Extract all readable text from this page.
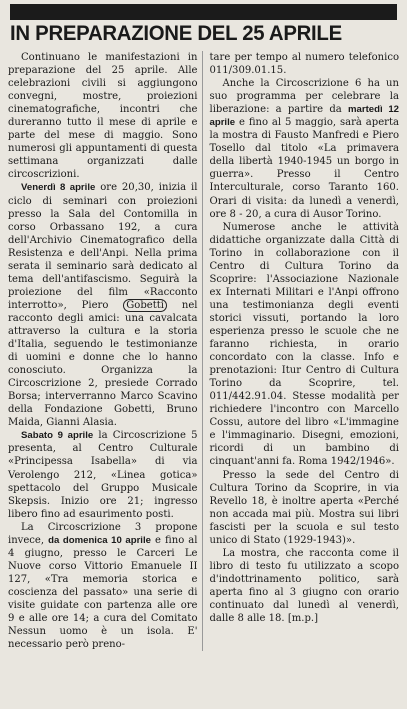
IN PREPARAZIONE DEL 25 APRILE

Continuano le manifestazioni in preparazione del 25 aprile. Alle celebrazioni civili si aggiungono convegni, mostre, proiezioni cinematografiche, incontri che dureranno tutto il mese di aprile e parte del mese di maggio. Sono numerosi gli appuntamenti di questa settimana organizzati dalle circoscrizioni.

Venerdì 8 aprile ore 20,30, inizia il ciclo di seminari con proiezioni presso la Sala del Contomilla in corso Orbassano 192, a cura dell'Archivio Cinematografico della Resistenza e dell'Anpi. Nella prima serata il seminario sarà dedicato al tema dell'antifascismo. Seguirà la proiezione del film «Racconto interrotto», Piero Gobetti nel racconto degli amici: una cavalcata attraverso la cultura e la storia d'Italia, seguendo le testimonianze di uomini e donne che lo hanno conosciuto. Organizza la Circoscrizione 2, presiede Corrado Borsa; interverranno Marco Scavino della Fondazione Gobetti, Bruno Maida, Gianni Alasia.

Sabato 9 aprile la Circoscrizione 5 presenta, al Centro Culturale «Principessa Isabella» di via Verolengo 212, «Linea gotica» spettacolo del Gruppo Musicale Skepsis. Inizio ore 21; ingresso libero fino ad esaurimento posti.

La Circoscrizione 3 propone invece, da domenica 10 aprile e fino al 4 giugno, presso le Carceri Le Nuove corso Vittorio Emanuele II 127, «Tra memoria storica e coscienza del passato» una serie di visite guidate con partenza alle ore 9 e alle ore 14; a cura del Comitato Nessun uomo è un isola. E' necessario però preno-

tare per tempo al numero telefonico 011/309.01.15.

Anche la Circoscrizione 6 ha un suo programma per celebrare la liberazione: a partire da martedì 12 aprile e fino al 5 maggio, sarà aperta la mostra di Fausto Manfredi e Piero Tosello dal titolo «La primavera della libertà 1940-1945 un borgo in guerra». Presso il Centro Interculturale, corso Taranto 160. Orari di visita: da lunedì a venerdì, ore 8 - 20, a cura di Ausor Torino.

Numerose anche le attività didattiche organizzate dalla Città di Torino in collaborazione con il Centro di Cultura Torino da Scoprire: l'Associazione Nazionale ex Internati Militari e l'Anpi offrono una testimonianza degli eventi storici vissuti, portando la loro esperienza presso le scuole che ne faranno richiesta, in orario concordato con la classe. Info e prenotazioni: Itur Centro di Cultura Torino da Scoprire, tel. 011/442.91.04. Stesse modalità per richiedere l'incontro con Marcello Cossu, autore del libro «L'immagine e l'immaginario. Disegni, emozioni, ricordi di un bambino di cinquant'anni fa. Roma 1942/1946».

Presso la sede del Centro di Cultura Torino da Scoprire, in via Revello 18, è inoltre aperta «Perché non accada mai più. Mostra sui libri fascisti per la scuola e sul testo unico di Stato (1929-1943)».

La mostra, che racconta come il libro di testo fu utilizzato a scopo d'indottrinamento politico, sarà aperta fino al 3 giugno con orario continuato dal lunedì al venerdì, dalle 8 alle 18. [m.p.]
